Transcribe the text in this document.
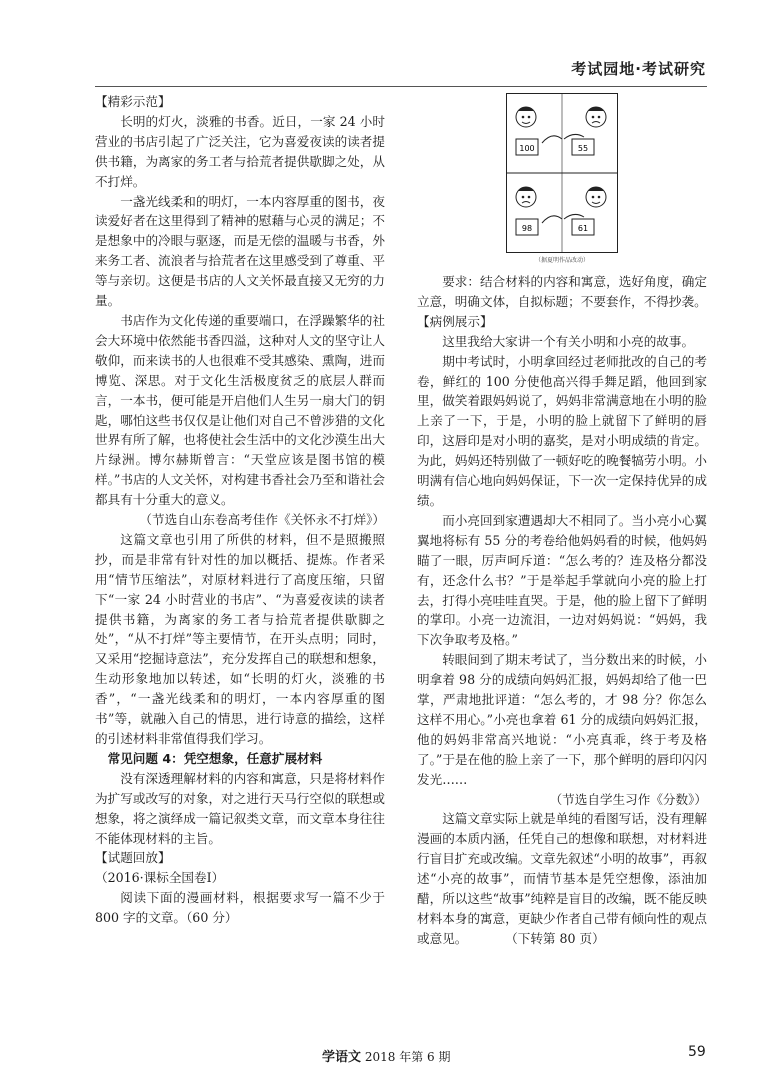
考试园地·考试研究

【精彩示范】

长明的灯火，淡雅的书香。近日，一家 24 小时营业的书店引起了广泛关注，它为喜爱夜读的读者提供书籍，为离家的务工者与拾荒者提供歇脚之处，从不打烊。

一盏光线柔和的明灯，一本内容厚重的图书，夜读爱好者在这里得到了精神的慰藉与心灵的满足；不是想象中的冷眼与驱逐，而是无偿的温暖与书香，外来务工者、流浪者与拾荒者在这里感受到了尊重、平等与亲切。这便是书店的人文关怀最直接又无穷的力量。

书店作为文化传递的重要端口，在浮躁繁华的社会大环境中依然能书香四溢，这种对人文的坚守让人敬仰，而来读书的人也很难不受其感染、熏陶，进而博览、深思。对于文化生活极度贫乏的底层人群而言，一本书，便可能是开启他们人生另一扇大门的钥匙，哪怕这些书仅仅是让他们对自己不曾涉猎的文化世界有所了解，也将使社会生活中的文化沙漠生出大片绿洲。博尔赫斯曾言：“天堂应该是图书馆的模样。”书店的人文关怀，对构建书香社会乃至和谐社会都具有十分重大的意义。

（节选自山东卷高考佳作《关怀永不打烊》）

这篇文章也引用了所供的材料，但不是照搬照抄，而是非常有针对性的加以概括、提炼。作者采用“情节压缩法”，对原材料进行了高度压缩，只留下“一家 24 小时营业的书店”、“为喜爱夜读的读者提供书籍，为离家的务工者与拾荒者提供歇脚之处”，“从不打烊”等主要情节，在开头点明；同时，又采用“挖掘诗意法”，充分发挥自己的联想和想象，生动形象地加以转述，如“长明的灯火，淡雅的书香”，“一盏光线柔和的明灯，一本内容厚重的图书”等，就融入自己的情思，进行诗意的描绘，这样的引述材料非常值得我们学习。

常见问题 4：凭空想象，任意扩展材料

没有深透理解材料的内容和寓意，只是将材料作为扩写或改写的对象，对之进行天马行空似的联想或想象，将之演绎成一篇记叙类文章，而文章本身往往不能体现材料的主旨。

【试题回放】

（2016·课标全国卷Ⅰ）

阅读下面的漫画材料，根据要求写一篇不少于 800 字的文章。（60 分）

100	55
98	61
（据夏明作品改动）

要求：结合材料的内容和寓意，选好角度，确定立意，明确文体，自拟标题；不要套作，不得抄袭。

【病例展示】

这里我给大家讲一个有关小明和小亮的故事。

期中考试时，小明拿回经过老师批改的自己的考卷，鲜红的 100 分使他高兴得手舞足蹈，他回到家里，做笑着跟妈妈说了，妈妈非常满意地在小明的脸上亲了一下，于是，小明的脸上就留下了鲜明的唇印，这唇印是对小明的嘉奖，是对小明成绩的肯定。为此，妈妈还特别做了一顿好吃的晚餐犒劳小明。小明满有信心地向妈妈保证，下一次一定保持优异的成绩。

而小亮回到家遭遇却大不相同了。当小亮小心翼翼地将标有 55 分的考卷给他妈妈看的时候，他妈妈瞄了一眼，厉声呵斥道：“怎么考的？连及格分都没有，还念什么书？”于是举起手掌就向小亮的脸上打去，打得小亮哇哇直哭。于是，他的脸上留下了鲜明的掌印。小亮一边流泪，一边对妈妈说：“妈妈，我下次争取考及格。”

转眼间到了期末考试了，当分数出来的时候，小明拿着 98 分的成绩向妈妈汇报，妈妈却给了他一巴掌，严肃地批评道：“怎么考的，才 98 分？你怎么这样不用心。”小亮也拿着 61 分的成绩向妈妈汇报，他的妈妈非常高兴地说：“小亮真乖，终于考及格了。”于是在他的脸上亲了一下，那个鲜明的唇印闪闪发光……

（节选自学生习作《分数》）

这篇文章实际上就是单纯的看图写话，没有理解漫画的本质内涵，任凭自己的想像和联想，对材料进行盲目扩充或改编。文章先叙述“小明的故事”，再叙述“小亮的故事”，而情节基本是凭空想像，添油加醋，所以这些“故事”纯粹是盲目的改编，既不能反映材料本身的寓意，更缺少作者自己带有倾向性的观点或意见。　　　　（下转第 80 页）

学语文 2018 年第 6 期	59
